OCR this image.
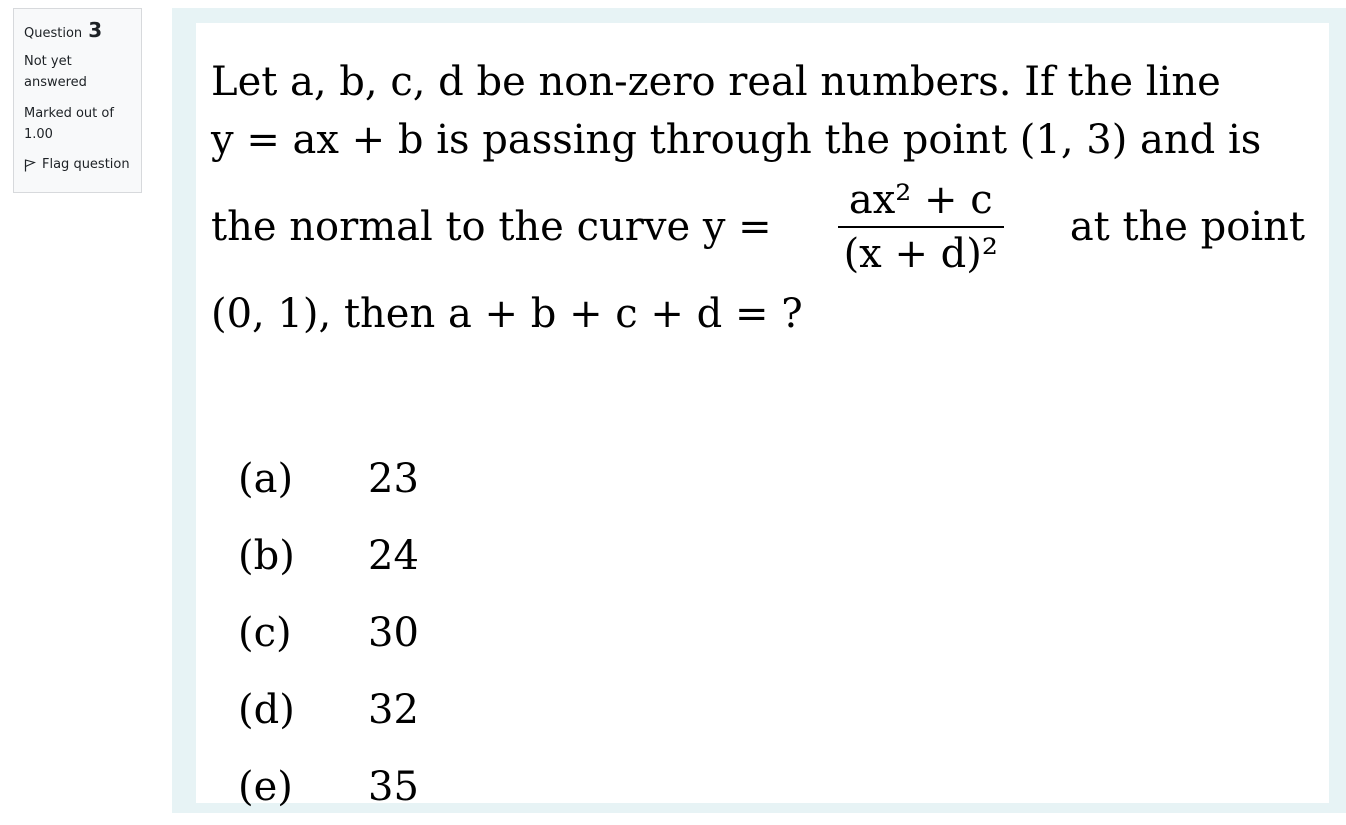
Question 3
Not yet answered
Marked out of 1.00
Flag question
Let a, b, c, d be non-zero real numbers. If the line
y = ax + b is passing through the point (1, 3) and is
the normal to the curve $y = \frac{\text{ax² + c}}{\text{(x + d)²}}$ at the point
(0, 1), then a + b + c + d = ?
(a)	23
(b)	24
(c)	30
(d)	32
(e)	35
